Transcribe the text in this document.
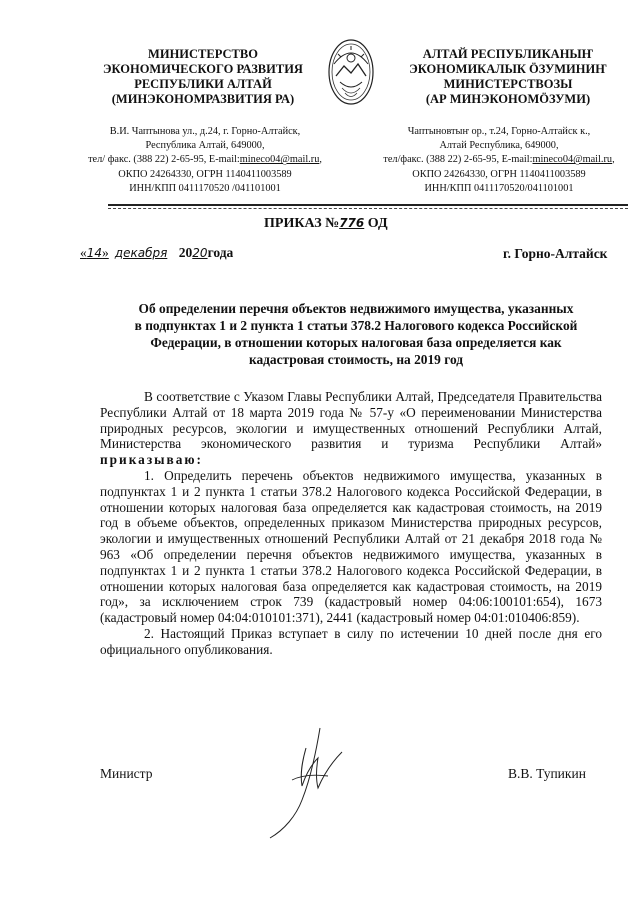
МИНИСТЕРСТВО
ЭКОНОМИЧЕСКОГО РАЗВИТИЯ
РЕСПУБЛИКИ АЛТАЙ
(МИНЭКОНОМРАЗВИТИЯ РА)
АЛТАЙ РЕСПУБЛИКАНЫҤ
ЭКОНОМИКАЛЫК ÖЗУМИНИҤ
МИНИСТЕРСТВОЗЫ
(АР МИНЭКОНОМÖЗУМИ)
В.И. Чаптынова ул., д.24, г. Горно-Алтайск,
Республика Алтай, 649000,
тел/ факс. (388 22) 2-65-95, E-mail:mineco04@mail.ru,
ОКПО 24264330, ОГРН 1140411003589
ИНН/КПП 0411170520 /041101001
Чаптыновтыҥ ор., т.24, Горно-Алтайск к.,
Алтай Республика, 649000,
тел/факс. (388 22) 2-65-95, E-mail:mineco04@mail.ru,
ОКПО 24264330, ОГРН 1140411003589
ИНН/КПП 0411170520/041101001
ПРИКАЗ №776 ОД
«14» декабря 2020года	г. Горно-Алтайск
Об определении перечня объектов недвижимого имущества, указанных
в подпунктах 1 и 2 пункта 1 статьи 378.2 Налогового кодекса Российской
Федерации, в отношении которых налоговая база определяется как
кадастровая стоимость, на 2019 год

В соответствие с Указом Главы Республики Алтай, Председателя Правительства Республики Алтай от 18 марта 2019 года № 57-у «О переименовании Министерства природных ресурсов, экологии и имущественных отношений Республики Алтай, Министерства экономического развития и туризма Республики Алтай» приказываю:

1. Определить перечень объектов недвижимого имущества, указанных в подпунктах 1 и 2 пункта 1 статьи 378.2 Налогового кодекса Российской Федерации, в отношении которых налоговая база определяется как кадастровая стоимость, на 2019 год в объеме объектов, определенных приказом Министерства природных ресурсов, экологии и имущественных отношений Республики Алтай от 21 декабря 2018 года № 963 «Об определении перечня объектов недвижимого имущества, указанных в подпунктах 1 и 2 пункта 1 статьи 378.2 Налогового кодекса Российской Федерации, в отношении которых налоговая база определяется как кадастровая стоимость, на 2019 год», за исключением строк 739 (кадастровый номер 04:06:100101:654), 1673 (кадастровый номер 04:04:010101:371), 2441 (кадастровый номер 04:01:010406:859).

2. Настоящий Приказ вступает в силу по истечении 10 дней после дня его официального опубликования.

Министр	В.В. Тупикин
